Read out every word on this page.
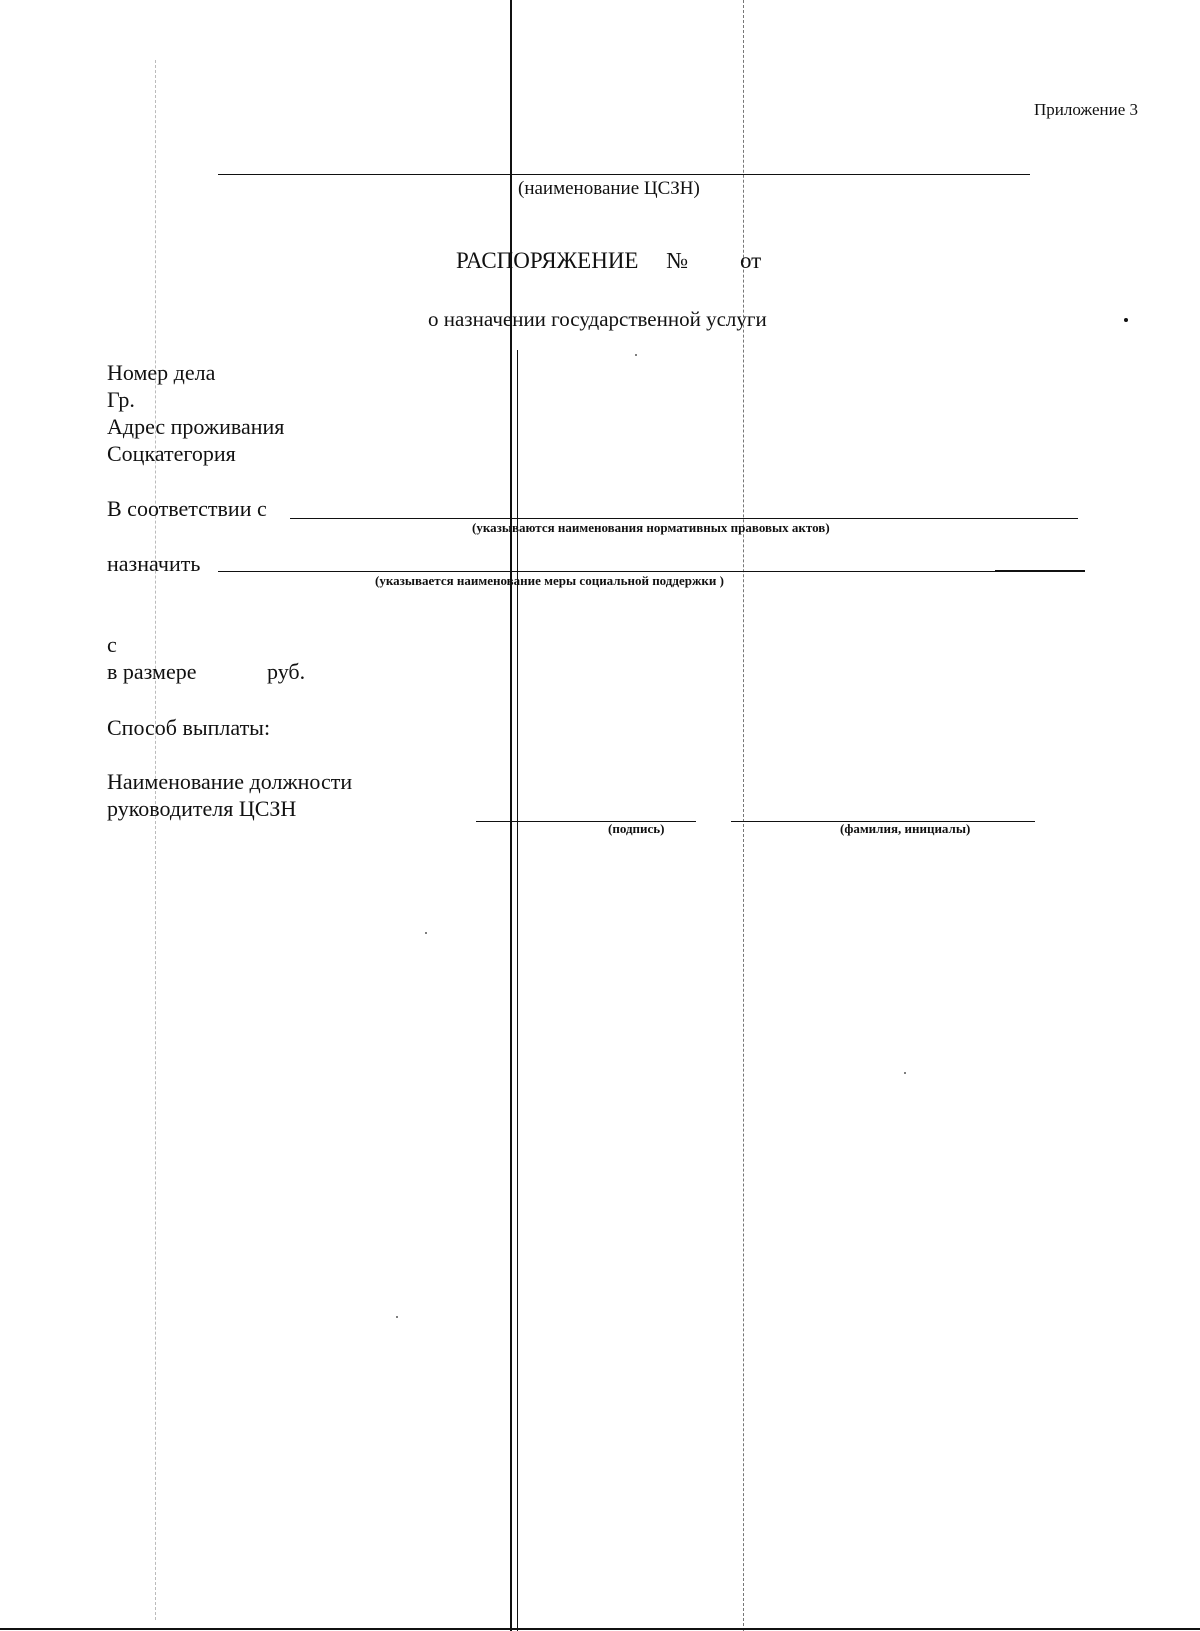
Приложение 3
(наименование ЦСЗН)
РАСПОРЯЖЕНИЕ № от
о назначении государственной услуги
Номер дела
Гр.
Адрес проживания
Соцкатегория
В соответствии с
(указываются наименования нормативных правовых актов)
назначить
(указывается наименование меры социальной поддержки )
с
в размере	руб.
Способ выплаты:
Наименование должности
руководителя ЦСЗН
(подпись)	(фамилия, инициалы)
